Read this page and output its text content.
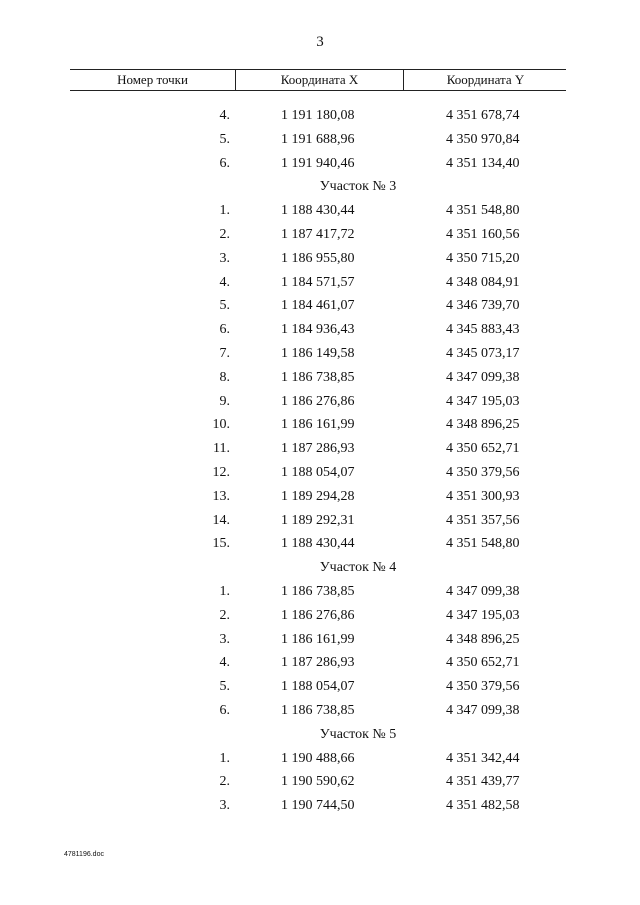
3
Номер точки	Координата X	Координата Y
4.	1 191 180,08	4 351 678,74
5.	1 191 688,96	4 350 970,84
6.	1 191 940,46	4 351 134,40
Участок № 3
1.	1 188 430,44	4 351 548,80
2.	1 187 417,72	4 351 160,56
3.	1 186 955,80	4 350 715,20
4.	1 184 571,57	4 348 084,91
5.	1 184 461,07	4 346 739,70
6.	1 184 936,43	4 345 883,43
7.	1 186 149,58	4 345 073,17
8.	1 186 738,85	4 347 099,38
9.	1 186 276,86	4 347 195,03
10.	1 186 161,99	4 348 896,25
11.	1 187 286,93	4 350 652,71
12.	1 188 054,07	4 350 379,56
13.	1 189 294,28	4 351 300,93
14.	1 189 292,31	4 351 357,56
15.	1 188 430,44	4 351 548,80
Участок № 4
1.	1 186 738,85	4 347 099,38
2.	1 186 276,86	4 347 195,03
3.	1 186 161,99	4 348 896,25
4.	1 187 286,93	4 350 652,71
5.	1 188 054,07	4 350 379,56
6.	1 186 738,85	4 347 099,38
Участок № 5
1.	1 190 488,66	4 351 342,44
2.	1 190 590,62	4 351 439,77
3.	1 190 744,50	4 351 482,58
4781196.doc
